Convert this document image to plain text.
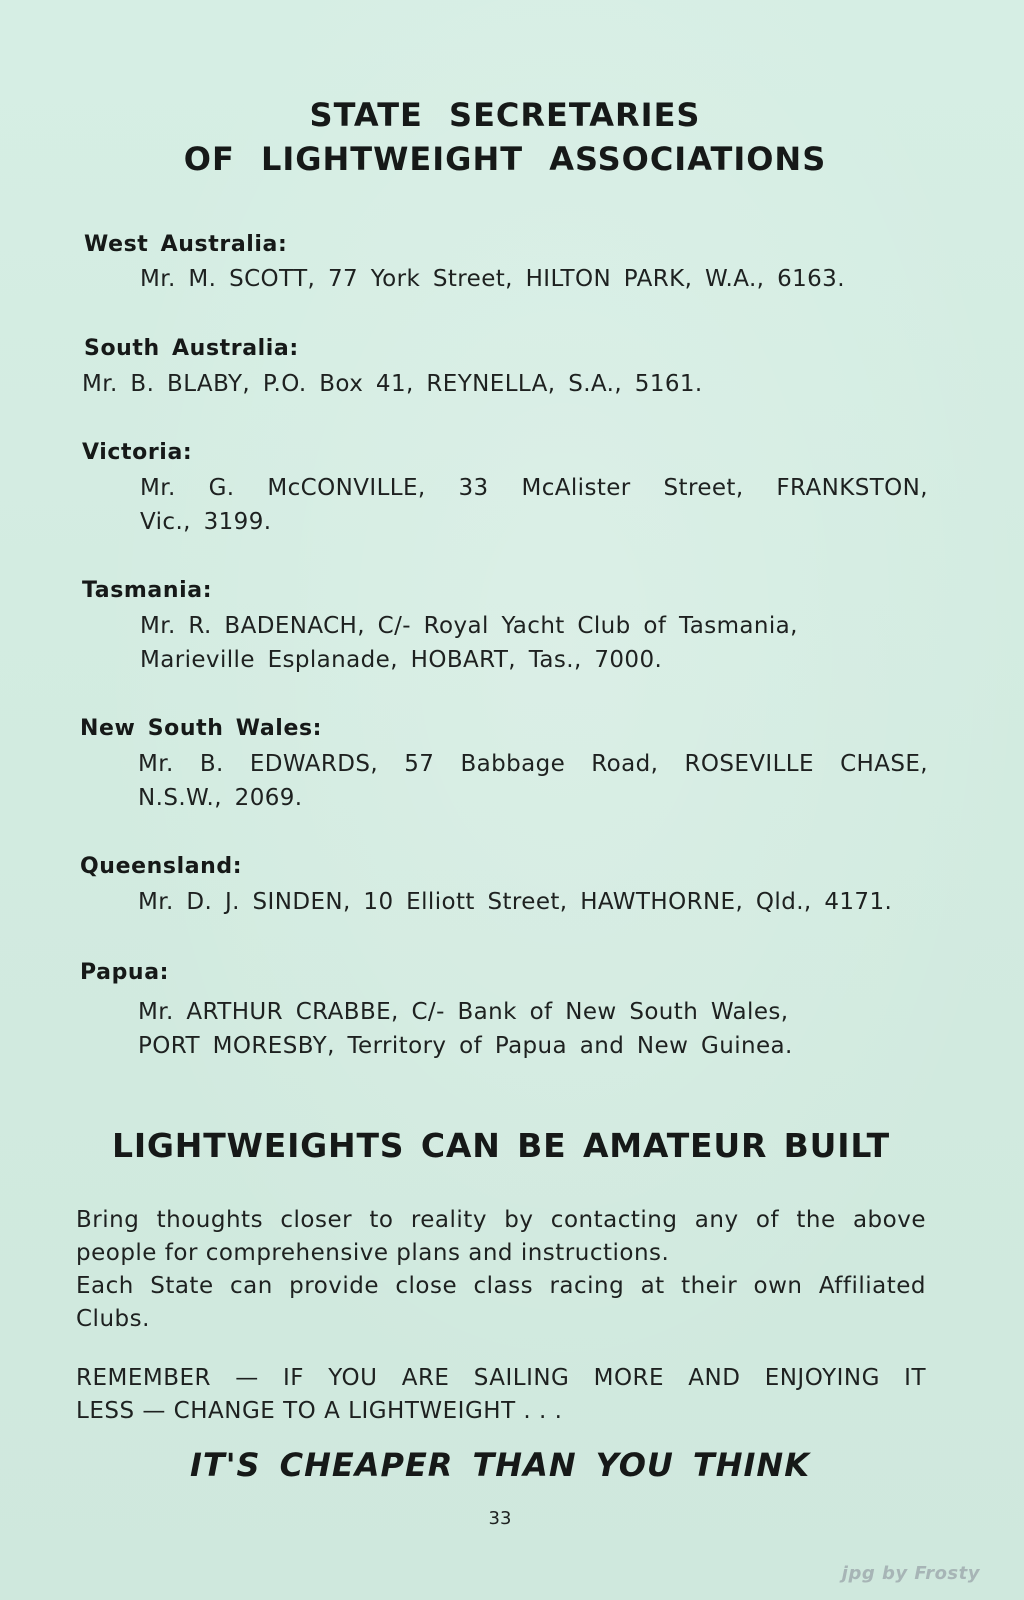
STATE SECRETARIES
OF LIGHTWEIGHT ASSOCIATIONS
West Australia:
Mr. M. SCOTT, 77 York Street, HILTON PARK, W.A., 6163.
South Australia:
Mr. B. BLABY, P.O. Box 41, REYNELLA, S.A., 5161.
Victoria:
Mr. G. McCONVILLE, 33 McAlister Street, FRANKSTON,
Vic., 3199.
Tasmania:
Mr. R. BADENACH, C/- Royal Yacht Club of Tasmania,
Marieville Esplanade, HOBART, Tas., 7000.
New South Wales:
Mr. B. EDWARDS, 57 Babbage Road, ROSEVILLE CHASE,
N.S.W., 2069.
Queensland:
Mr. D. J. SINDEN, 10 Elliott Street, HAWTHORNE, Qld., 4171.
Papua:
Mr. ARTHUR CRABBE, C/- Bank of New South Wales,
PORT MORESBY, Territory of Papua and New Guinea.
LIGHTWEIGHTS CAN BE AMATEUR BUILT
Bring thoughts closer to reality by contacting any of the above
people for comprehensive plans and instructions.
Each State can provide close class racing at their own Affiliated
Clubs.
REMEMBER — IF YOU ARE SAILING MORE AND ENJOYING IT
LESS — CHANGE TO A LIGHTWEIGHT . . .
IT'S CHEAPER THAN YOU THINK
33
jpg by Frosty
